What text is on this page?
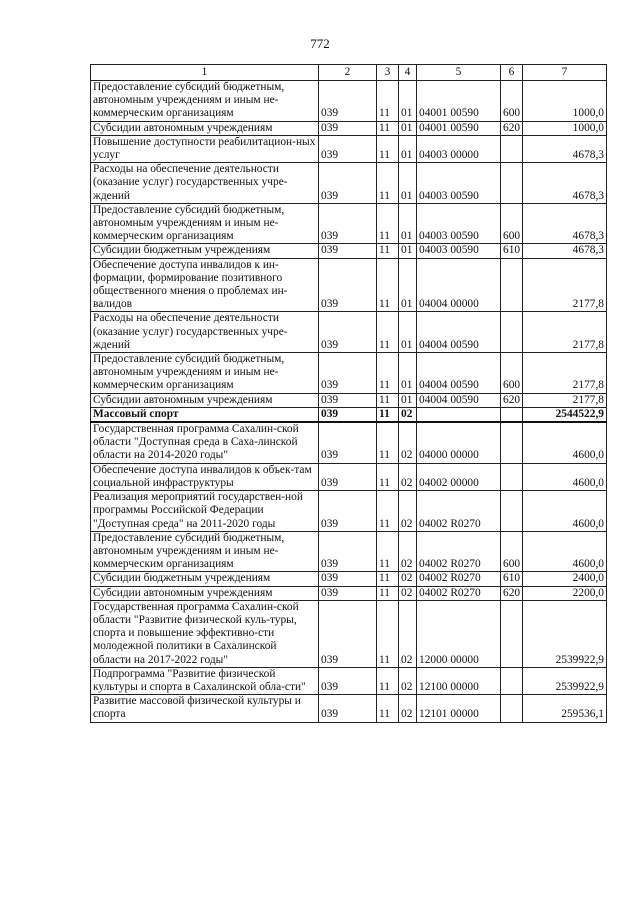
772
1	2	3	4	5	6	7
Предоставление субсидий бюджетным, автономным учреждениям и иным не-коммерческим организациям	039	11	01	04001 00590	600	1000,0
Субсидии автономным учреждениям	039	11	01	04001 00590	620	1000,0
Повышение доступности реабилитацион-ных услуг	039	11	01	04003 00000		4678,3
Расходы на обеспечение деятельности (оказание услуг) государственных учре-ждений	039	11	01	04003 00590		4678,3
Предоставление субсидий бюджетным, автономным учреждениям и иным не-коммерческим организациям	039	11	01	04003 00590	600	4678,3
Субсидии бюджетным учреждениям	039	11	01	04003 00590	610	4678,3
Обеспечение доступа инвалидов к ин-формации, формирование позитивного общественного мнения о проблемах ин-валидов	039	11	01	04004 00000		2177,8
Расходы на обеспечение деятельности (оказание услуг) государственных учре-ждений	039	11	01	04004 00590		2177,8
Предоставление субсидий бюджетным, автономным учреждениям и иным не-коммерческим организациям	039	11	01	04004 00590	600	2177,8
Субсидии автономным учреждениям	039	11	01	04004 00590	620	2177,8
Массовый спорт	039	11	02			2544522,9
Государственная программа Сахалин-ской области "Доступная среда в Саха-линской области на 2014-2020 годы"	039	11	02	04000 00000		4600,0
Обеспечение доступа инвалидов к объек-там социальной инфраструктуры	039	11	02	04002 00000		4600,0
Реализация мероприятий государствен-ной программы Российской Федерации "Доступная среда" на 2011-2020 годы	039	11	02	04002 R0270		4600,0
Предоставление субсидий бюджетным, автономным учреждениям и иным не-коммерческим организациям	039	11	02	04002 R0270	600	4600,0
Субсидии бюджетным учреждениям	039	11	02	04002 R0270	610	2400,0
Субсидии автономным учреждениям	039	11	02	04002 R0270	620	2200,0
Государственная программа Сахалин-ской области "Развитие физической куль-туры, спорта и повышение эффективно-сти молодежной политики в Сахалинской области на 2017-2022 годы"	039	11	02	12000 00000		2539922,9
Подпрограмма "Развитие физической культуры и спорта в Сахалинской обла-сти"	039	11	02	12100 00000		2539922,9
Развитие массовой физической культуры и спорта	039	11	02	12101 00000		259536,1
